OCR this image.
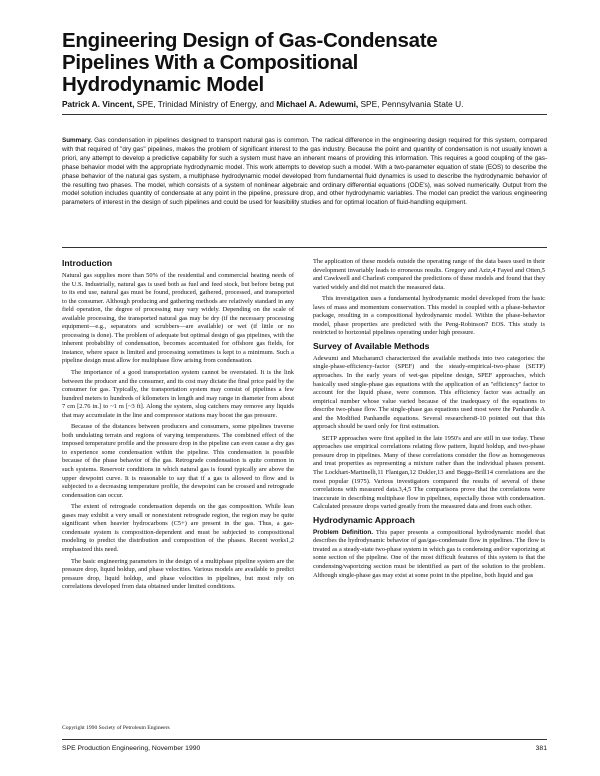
Engineering Design of Gas-Condensate
Pipelines With a Compositional
Hydrodynamic Model
Patrick A. Vincent, SPE, Trinidad Ministry of Energy, and Michael A. Adewumi, SPE, Pennsylvania State U.

Summary. Gas condensation in pipelines designed to transport natural gas is common. The radical difference in the engineering design required for this system, compared with that required of "dry gas" pipelines, makes the problem of significant interest to the gas industry. Because the point and quantity of condensation is not usually known a priori, any attempt to develop a predictive capability for such a system must have an inherent means of providing this information. This requires a good coupling of the gas-phase behavior model with the appropriate hydrodynamic model. This work attempts to develop such a model. With a two-parameter equation of state (EOS) to describe the phase behavior of the natural gas system, a multiphase hydrodynamic model developed from fundamental fluid dynamics is used to describe the hydrodynamic behavior of the resulting two phases. The model, which consists of a system of nonlinear algebraic and ordinary differential equations (ODE's), was solved numerically. Output from the model solution includes quantity of condensate at any point in the pipeline, pressure drop, and other hydrodynamic variables. The model can predict the various engineering parameters of interest in the design of such pipelines and could be used for feasibility studies and for optimal location of fluid-handling equipment.

Introduction

Natural gas supplies more than 50% of the residential and commercial heating needs of the U.S. Industrially, natural gas is used both as fuel and feed stock, but before being put to its end use, natural gas must be found, produced, gathered, processed, and transported to the consumer. Although producing and gathering methods are relatively standard in any field operation, the degree of processing may vary widely. Depending on the scale of available processing, the transported natural gas may be dry (if the necessary processing equipment—e.g., separators and scrubbers—are available) or wet (if little or no processing is done). The problem of adequate but optimal design of gas pipelines, with the inherent probability of condensation, becomes accentuated for offshore gas fields, for instance, where space is limited and processing sometimes is kept to a minimum. Such a pipeline design must allow for multiphase flow arising from condensation.

The importance of a good transportation system cannot be overstated. It is the link between the producer and the consumer, and its cost may dictate the final price paid by the consumer for gas. Typically, the transportation system may consist of pipelines a few hundred meters to hundreds of kilometers in length and may range in diameter from about 7 cm [2.76 in.] to ~1 m [~3 ft]. Along the system, slug catchers may remove any liquids that may accumulate in the line and compressor stations may boost the gas pressure.

Because of the distances between producers and consumers, some pipelines traverse both undulating terrain and regions of varying temperatures. The combined effect of the imposed temperature profile and the pressure drop in the pipeline can even cause a dry gas to experience some condensation within the pipeline. This condensation is possible because of the phase behavior of the gas. Retrograde condensation is quite common in such systems. Reservoir conditions in which natural gas is found typically are above the upper dewpoint curve. It is reasonable to say that if a gas is allowed to flow and is subjected to a decreasing temperature profile, the dewpoint can be crossed and retrograde condensation can occur.

The extent of retrograde condensation depends on the gas composition. While lean gases may exhibit a very small or nonexistent retrograde region, the region may be quite significant when heavier hydrocarbons (C5+) are present in the gas. Thus, a gas-condensate system is composition-dependent and must be subjected to compositional modeling to predict the distribution and composition of the phases. Recent works1,2 emphasized this need.

The basic engineering parameters in the design of a multiphase pipeline system are the pressure drop, liquid holdup, and phase velocities. Various models are available to predict pressure drop, liquid holdup, and phase velocities in pipelines, but most rely on correlations developed from data obtained under limited conditions.

The application of these models outside the operating range of the data bases used in their development invariably leads to erroneous results. Gregory and Aziz,4 Fayed and Otten,5 and Cawkwell and Charles6 compared the predictions of these models and found that they varied widely and did not match the measured data.

This investigation uses a fundamental hydrodynamic model developed from the basic laws of mass and momentum conservation. This model is coupled with a phase-behavior package, resulting in a compositional hydrodynamic model. Within the phase-behavior model, phase properties are predicted with the Peng-Robinson7 EOS. This study is restricted to horizontal pipelines operating under high pressure.

Survey of Available Methods

Adewumi and Mucharam3 characterized the available methods into two categories: the single-phase-efficiency-factor (SPEF) and the steady-empirical-two-phase (SETP) approaches. In the early years of wet-gas pipeline design, SPEF approaches, which basically used single-phase gas equations with the application of an "efficiency" factor to account for the liquid phase, were common. This efficiency factor was actually an empirical number whose value varied because of the inadequacy of the equations to describe two-phase flow. The single-phase gas equations used most were the Panhandle A and the Modified Panhandle equations. Several researchers8-10 pointed out that this approach should be used only for first estimation.

SETP approaches were first applied in the late 1950's and are still in use today. These approaches use empirical correlations relating flow pattern, liquid holdup, and two-phase pressure drop in pipelines. Many of these correlations consider the flow as homogeneous and treat properties as representing a mixture rather than the individual phases present. The Lockhart-Martinelli,11 Flanigan,12 Dukler,13 and Beggs-Brill14 correlations are the most popular (1975). Various investigators compared the results of several of these correlations with measured data.3,4,5 The comparisons prove that the correlations were inaccurate in describing multiphase flow in pipelines, especially those with condensation. Calculated pressure drops varied greatly from the measured data and from each other.

Hydrodynamic Approach

Problem Definition. This paper presents a compositional hydrodynamic model that describes the hydrodynamic behavior of gas/gas-condensate flow in pipelines. The flow is treated as a steady-state two-phase system in which gas is condensing and/or vaporizing at some section of the pipeline. One of the most difficult features of this system is that the condensing/vaporizing section must be identified as part of the solution to the problem. Although single-phase gas may exist at some point in the pipeline, both liquid and gas

Copyright 1990 Society of Petroleum Engineers
SPE Production Engineering, November 1990	381
